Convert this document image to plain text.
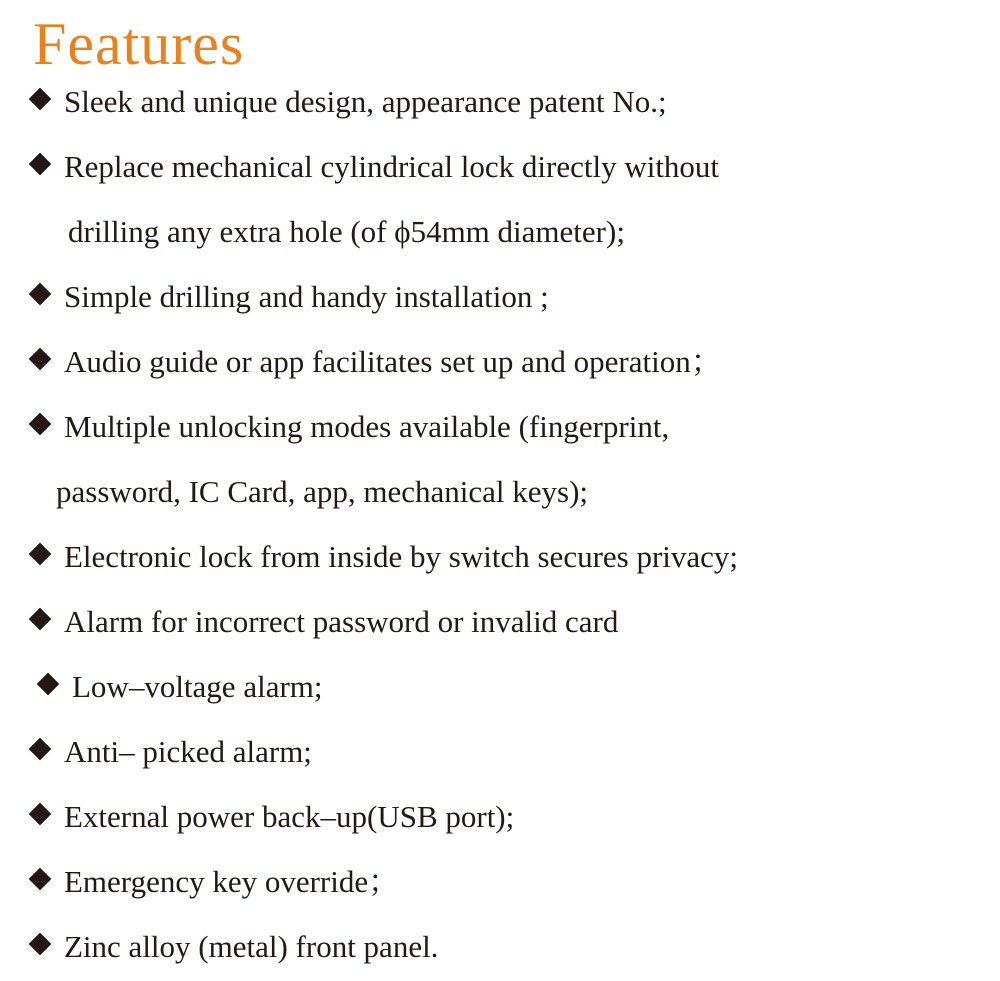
Features
Sleek and unique design, appearance patent No.;
Replace mechanical cylindrical lock directly without
drilling any extra hole (of ϕ54mm diameter);
Simple drilling and handy installation ;
Audio guide or app facilitates set up and operation；
Multiple unlocking modes available (fingerprint,
password, IC Card, app, mechanical keys);
Electronic lock from inside by switch secures privacy;
Alarm for incorrect password or invalid card
Low–voltage alarm;
Anti– picked alarm;
External power back–up(USB port);
Emergency key override；
Zinc alloy (metal) front panel.
